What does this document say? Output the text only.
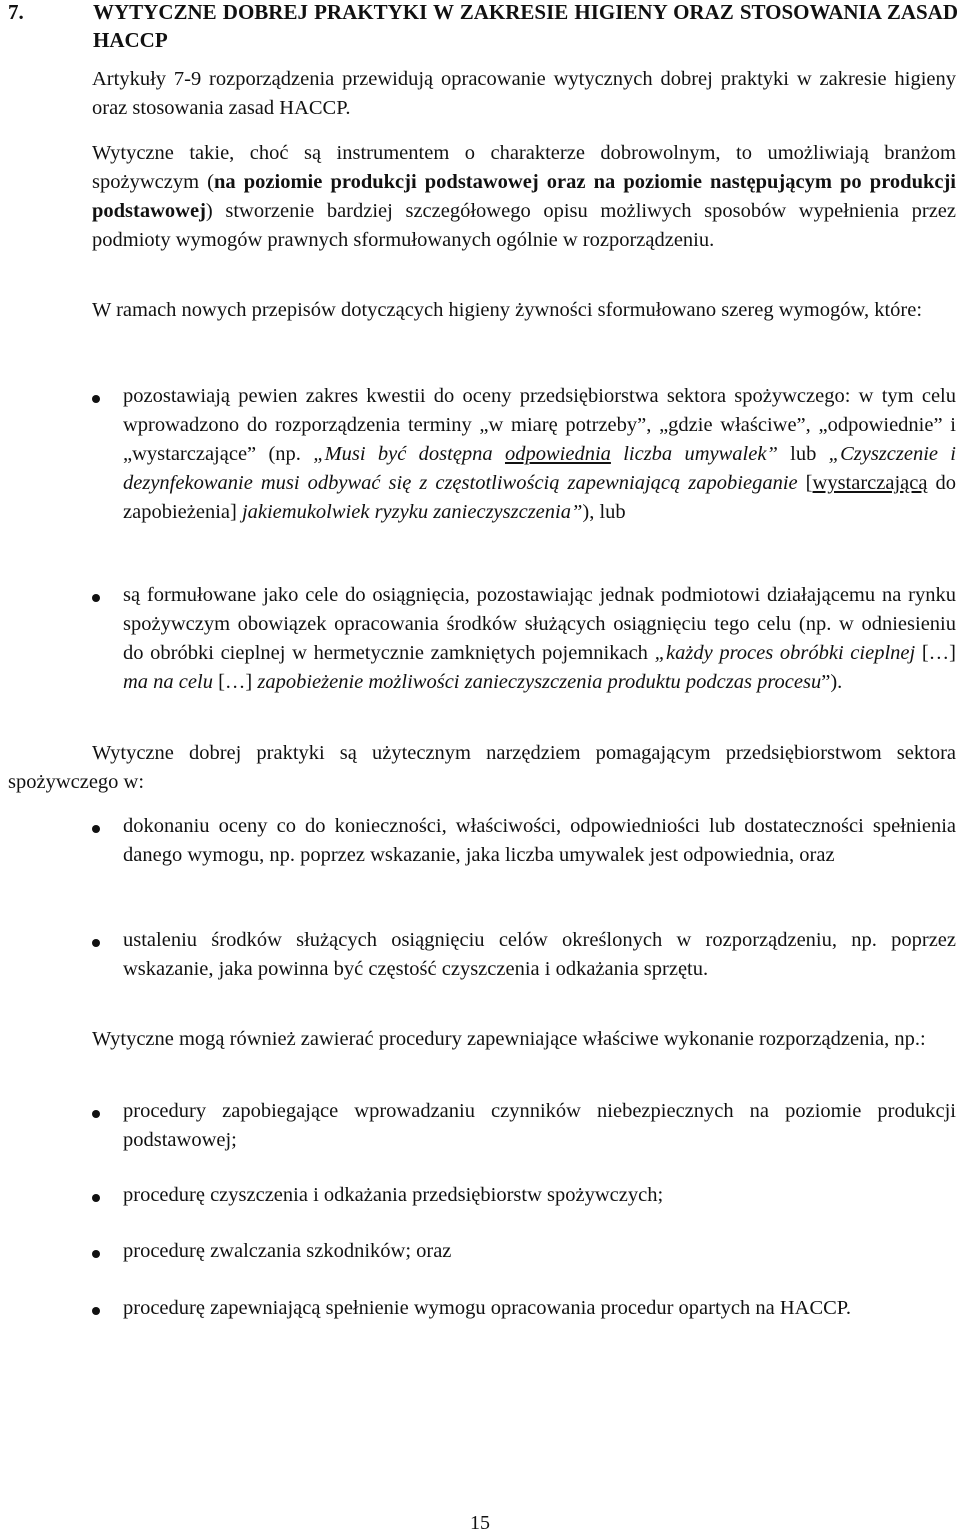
7.	WYTYCZNE DOBREJ PRAKTYKI W ZAKRESIE HIGIENY ORAZ STOSOWANIA ZASAD HACCP
Artykuły 7-9 rozporządzenia przewidują opracowanie wytycznych dobrej praktyki w zakresie higieny oraz stosowania zasad HACCP.
Wytyczne takie, choć są instrumentem o charakterze dobrowolnym, to umożliwiają branżom spożywczym (na poziomie produkcji podstawowej oraz na poziomie następującym po produkcji podstawowej) stworzenie bardziej szczegółowego opisu możliwych sposobów wypełnienia przez podmioty wymogów prawnych sformułowanych ogólnie w rozporządzeniu.
W ramach nowych przepisów dotyczących higieny żywności sformułowano szereg wymogów, które:
pozostawiają pewien zakres kwestii do oceny przedsiębiorstwa sektora spożywczego: w tym celu wprowadzono do rozporządzenia terminy „w miarę potrzeby”, „gdzie właściwe”, „odpowiednie” i „wystarczające” (np. „Musi być dostępna odpowiednia liczba umywalek” lub „Czyszczenie i dezynfekowanie musi odbywać się z częstotliwością zapewniającą zapobieganie [wystarczającą do zapobieżenia] jakiemukolwiek ryzyku zanieczyszczenia”), lub
są formułowane jako cele do osiągnięcia, pozostawiając jednak podmiotowi działającemu na rynku spożywczym obowiązek opracowania środków służących osiągnięciu tego celu (np. w odniesieniu do obróbki cieplnej w hermetycznie zamkniętych pojemnikach „każdy proces obróbki cieplnej […] ma na celu […] zapobieżenie możliwości zanieczyszczenia produktu podczas procesu”).
Wytyczne dobrej praktyki są użytecznym narzędziem pomagającym przedsiębiorstwom sektora spożywczego w:
dokonaniu oceny co do konieczności, właściwości, odpowiedniości lub dostateczności spełnienia danego wymogu, np. poprzez wskazanie, jaka liczba umywalek jest odpowiednia, oraz
ustaleniu środków służących osiągnięciu celów określonych w rozporządzeniu, np. poprzez wskazanie, jaka powinna być częstość czyszczenia i odkażania sprzętu.
Wytyczne mogą również zawierać procedury zapewniające właściwe wykonanie rozporządzenia, np.:
procedury zapobiegające wprowadzaniu czynników niebezpiecznych na poziomie produkcji podstawowej;
procedurę czyszczenia i odkażania przedsiębiorstw spożywczych;
procedurę zwalczania szkodników; oraz
procedurę zapewniającą spełnienie wymogu opracowania procedur opartych na HACCP.
15
